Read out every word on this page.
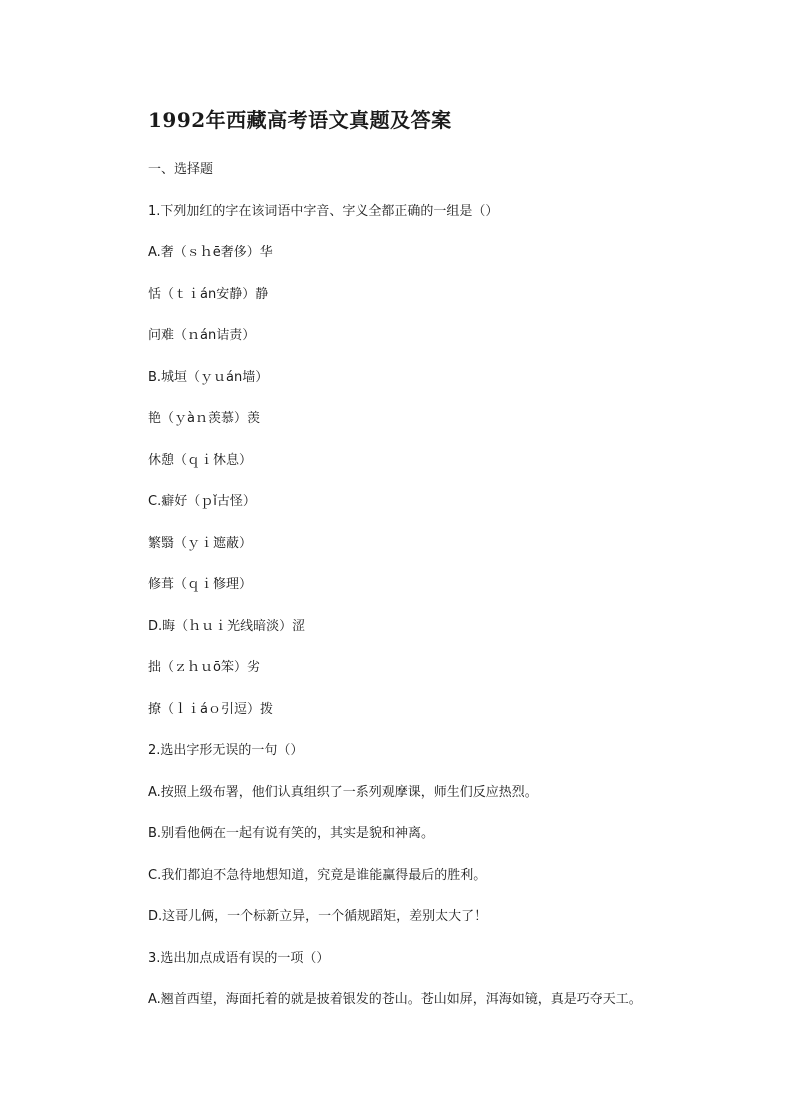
1992年西藏高考语文真题及答案
一、选择题
1.下列加红的字在该词语中字音、字义全都正确的一组是（）
A.奢（ｓｈē奢侈）华
恬（ｔｉán安静）静
问难（ｎán诘责）
B.城垣（ｙｕán墙）
艳（ｙàｎ羡慕）羡
休憩（ｑｉ̀休息）
C.癖好（ｐǐ古怪）
繁翳（ｙｉ̀遮蔽）
修葺（ｑｉ̀修理）
D.晦（ｈｕｉ̀光线暗淡）涩
拙（ｚｈｕō笨）劣
撩（ｌｉáｏ引逗）拨
2.选出字形无误的一句（）
A.按照上级布署，他们认真组织了一系列观摩课，师生们反应热烈。
B.别看他俩在一起有说有笑的，其实是貌和神离。
C.我们都迫不急待地想知道，究竟是谁能赢得最后的胜利。
D.这哥儿俩，一个标新立异，一个循规蹈矩，差别太大了！
3.选出加点成语有误的一项（）
A.翘首西望，海面托着的就是披着银发的苍山。苍山如屏，洱海如镜，真是巧夺天工。
